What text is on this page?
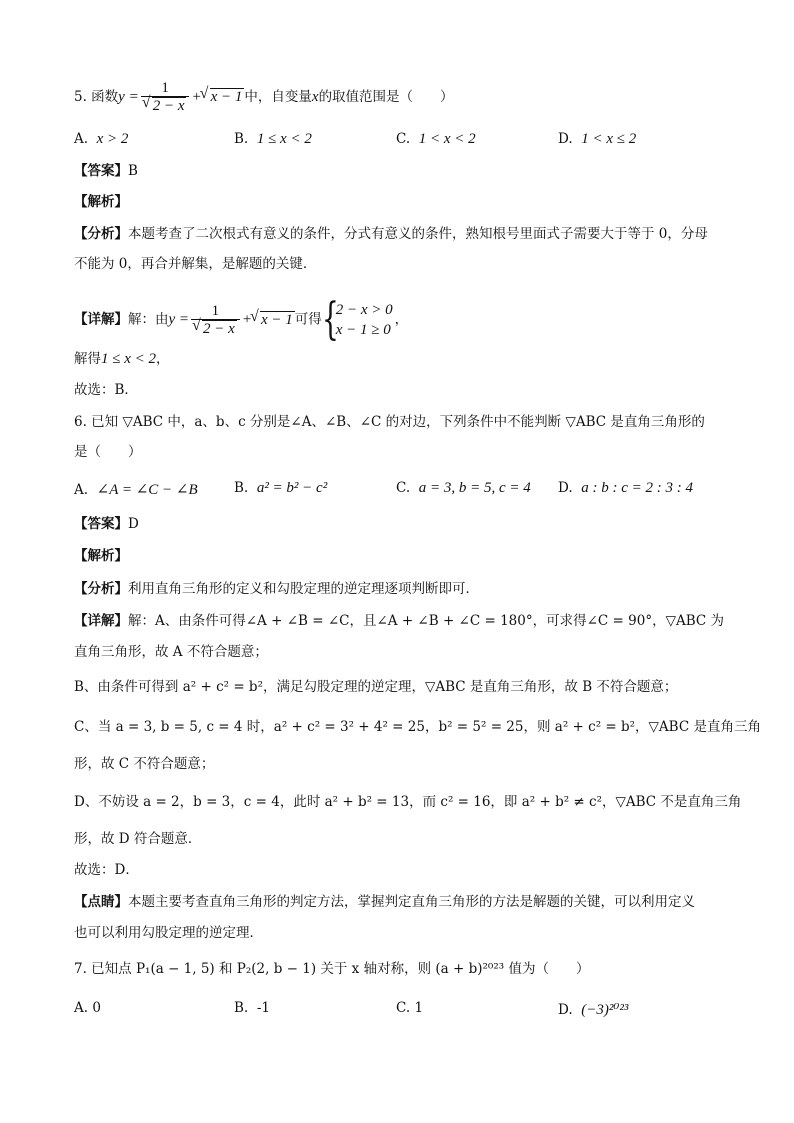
5. 函数y = 1
√ 2 − x + √ x − 1 中，自变量x的取值范围是（　　）
A. x > 2	B. 1 ≤ x < 2	C. 1 < x < 2	D. 1 < x ≤ 2
【答案】B
【解析】
【分析】本题考查了二次根式有意义的条件，分式有意义的条件，熟知根号里面式子需要大于等于 0，分母
不能为 0，再合并解集，是解题的关键．
【详解】解：由y = 1
√ 2 − x + √ x − 1 可得 {
2 − x > 0
x − 1 ≥ 0
，
解得1 ≤ x < 2，
故选：B．
6. 已知 ▽ABC 中，a、b、c 分别是∠A、∠B、∠C 的对边，下列条件中不能判断 ▽ABC 是直角三角形的
是（　　）
A. ∠A = ∠C − ∠B	B. a² = b² − c²	C. a = 3, b = 5, c = 4 D. a : b : c = 2 : 3 : 4
【答案】D
【解析】
【分析】利用直角三角形的定义和勾股定理的逆定理逐项判断即可．
【详解】解：A、由条件可得∠A + ∠B = ∠C，且∠A + ∠B + ∠C = 180°，可求得∠C = 90°，▽ABC 为
直角三角形，故 A 不符合题意；
B、由条件可得到 a² + c² = b²，满足勾股定理的逆定理，▽ABC 是直角三角形，故 B 不符合题意；
C、当 a = 3, b = 5, c = 4 时，a² + c² = 3² + 4² = 25，b² = 5² = 25，则 a² + c² = b²，▽ABC 是直角三角
形，故 C 不符合题意；
D、不妨设 a = 2，b = 3，c = 4，此时 a² + b² = 13，而 c² = 16，即 a² + b² ≠ c²，▽ABC 不是直角三角
形，故 D 符合题意．
故选：D．
【点睛】本题主要考查直角三角形的判定方法，掌握判定直角三角形的方法是解题的关键，可以利用定义
也可以利用勾股定理的逆定理．
7. 已知点 P₁(a − 1, 5) 和 P₂(2, b − 1) 关于 x 轴对称，则 (a + b)²⁰²³ 值为（　　）
A. 0	B. -1	C. 1	D. (−3)²⁰²³
